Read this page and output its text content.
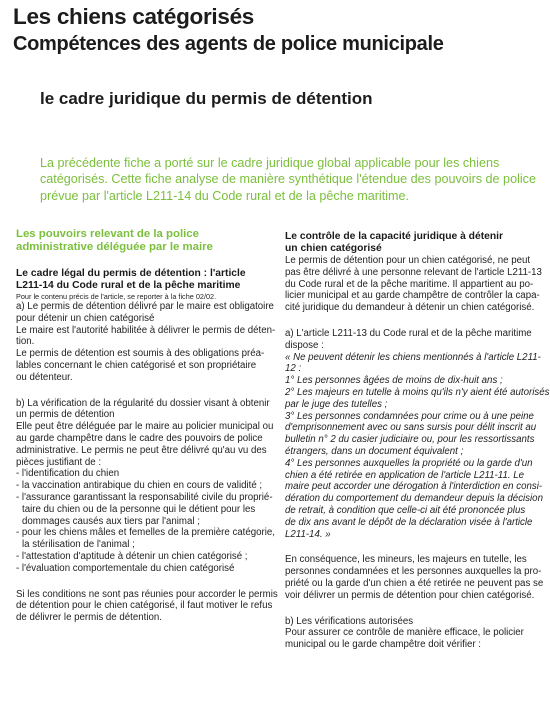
Les chiens catégorisés
Compétences des agents de police municipale
le cadre juridique du permis de détention
La précédente fiche a porté sur le cadre juridique global applicable pour les chiens
catégorisés. Cette fiche analyse de manière synthétique l'étendue des pouvoirs de police
prévue par l'article L211-14 du Code rural et de la pêche maritime.
Les pouvoirs relevant de la police
administrative déléguée par le maire
Le cadre légal du permis de détention : l'article
L211-14 du Code rural et de la pêche maritime
Pour le contenu précis de l'article, se reporter à la fiche 02/02.
a) Le permis de détention délivré par le maire est obligatoire
pour détenir un chien catégorisé
Le maire est l'autorité habilitée à délivrer le permis de déten-
tion.
Le permis de détention est soumis à des obligations préa-
lables concernant le chien catégorisé et son propriétaire
ou détenteur.
b) La vérification de la régularité du dossier visant à obtenir
un permis de détention
Elle peut être déléguée par le maire au policier municipal ou
au garde champêtre dans le cadre des pouvoirs de police
administrative. Le permis ne peut être délivré qu'au vu des
pièces justifiant de :
- l'identification du chien
- la vaccination antirabique du chien en cours de validité ;
- l'assurance garantissant la responsabilité civile du proprié-
taire du chien ou de la personne qui le détient pour les
dommages causés aux tiers par l'animal ;
- pour les chiens mâles et femelles de la première catégorie,
la stérilisation de l'animal ;
- l'attestation d'aptitude à détenir un chien catégorisé ;
- l'évaluation comportementale du chien catégorisé
Si les conditions ne sont pas réunies pour accorder le permis
de détention pour le chien catégorisé, il faut motiver le refus
de délivrer le permis de détention.
Le contrôle de la capacité juridique à détenir
un chien catégorisé
Le permis de détention pour un chien catégorisé, ne peut
pas être délivré à une personne relevant de l'article L211-13
du Code rural et de la pêche maritime. Il appartient au po-
licier municipal et au garde champêtre de contrôler la capa-
cité juridique du demandeur à détenir un chien catégorisé.
a) L'article L211-13 du Code rural et de la pêche maritime
dispose :
« Ne peuvent détenir les chiens mentionnés à l'article L211-
12 :
1° Les personnes âgées de moins de dix-huit ans ;
2° Les majeurs en tutelle à moins qu'ils n'y aient été autorisés
par le juge des tutelles ;
3° Les personnes condamnées pour crime ou à une peine
d'emprisonnement avec ou sans sursis pour délit inscrit au
bulletin n° 2 du casier judiciaire ou, pour les ressortissants
étrangers, dans un document équivalent ;
4° Les personnes auxquelles la propriété ou la garde d'un
chien a été retirée en application de l'article L211-11. Le
maire peut accorder une dérogation à l'interdiction en consi-
dération du comportement du demandeur depuis la décision
de retrait, à condition que celle-ci ait été prononcée plus
de dix ans avant le dépôt de la déclaration visée à l'article
L211-14. »
En conséquence, les mineurs, les majeurs en tutelle, les
personnes condamnées et les personnes auxquelles la pro-
priété ou la garde d'un chien a été retirée ne peuvent pas se
voir délivrer un permis de détention pour chien catégorisé.
b) Les vérifications autorisées
Pour assurer ce contrôle de manière efficace, le policier
municipal ou le garde champêtre doit vérifier :
